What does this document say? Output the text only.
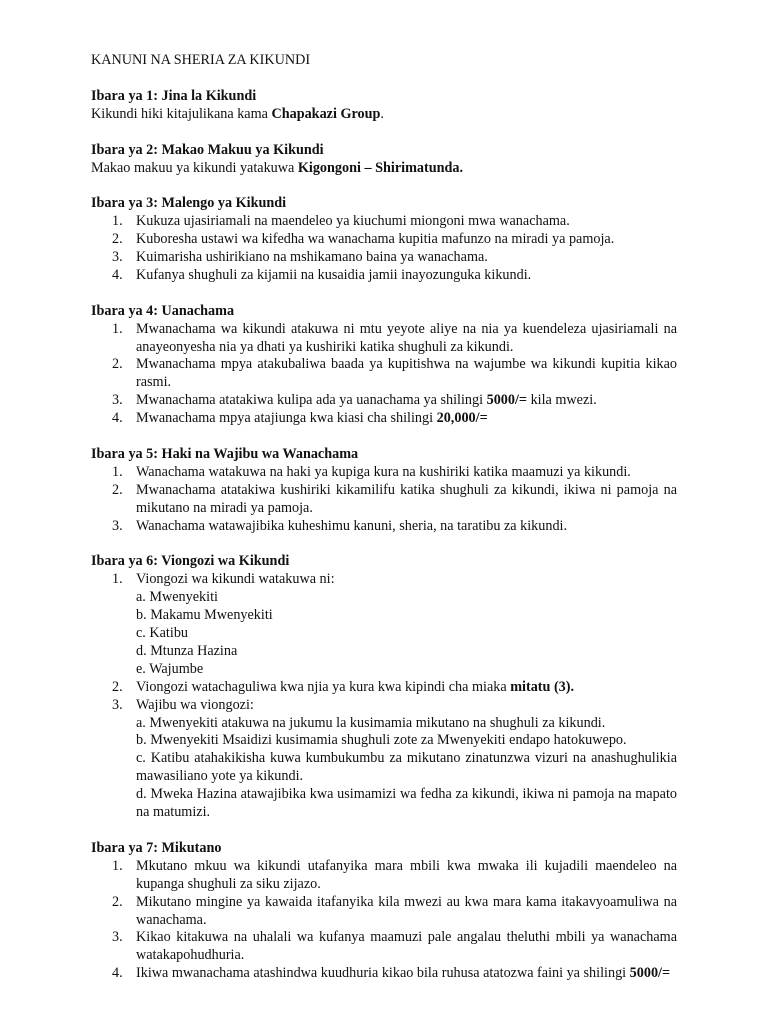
KANUNI NA SHERIA ZA KIKUNDI

Ibara ya 1: Jina la Kikundi

Kikundi hiki kitajulikana kama Chapakazi Group.

Ibara ya 2: Makao Makuu ya Kikundi

Makao makuu ya kikundi yatakuwa Kigongoni – Shirimatunda.

Ibara ya 3: Malengo ya Kikundi

1. Kukuza ujasiriamali na maendeleo ya kiuchumi miongoni mwa wanachama.
2. Kuboresha ustawi wa kifedha wa wanachama kupitia mafunzo na miradi ya pamoja.
3. Kuimarisha ushirikiano na mshikamano baina ya wanachama.
4. Kufanya shughuli za kijamii na kusaidia jamii inayozunguka kikundi.

Ibara ya 4: Uanachama

1. Mwanachama wa kikundi atakuwa ni mtu yeyote aliye na nia ya kuendeleza ujasiriamali na anayeonyesha nia ya dhati ya kushiriki katika shughuli za kikundi.
2. Mwanachama mpya atakubaliwa baada ya kupitishwa na wajumbe wa kikundi kupitia kikao rasmi.
3. Mwanachama atatakiwa kulipa ada ya uanachama ya shilingi 5000/= kila mwezi.
4. Mwanachama mpya atajiunga kwa kiasi cha shilingi 20,000/=

Ibara ya 5: Haki na Wajibu wa Wanachama

1. Wanachama watakuwa na haki ya kupiga kura na kushiriki katika maamuzi ya kikundi.
2. Mwanachama atatakiwa kushiriki kikamilifu katika shughuli za kikundi, ikiwa ni pamoja na mikutano na miradi ya pamoja.
3. Wanachama watawajibika kuheshimu kanuni, sheria, na taratibu za kikundi.

Ibara ya 6: Viongozi wa Kikundi

1. Viongozi wa kikundi watakuwa ni:

a. Mwenyekiti

b. Makamu Mwenyekiti

c. Katibu

d. Mtunza Hazina

e. Wajumbe

2. Viongozi watachaguliwa kwa njia ya kura kwa kipindi cha miaka mitatu (3).
3. Wajibu wa viongozi:

a. Mwenyekiti atakuwa na jukumu la kusimamia mikutano na shughuli za kikundi.

b. Mwenyekiti Msaidizi kusimamia shughuli zote za Mwenyekiti endapo hatokuwepo.

c. Katibu atahakikisha kuwa kumbukumbu za mikutano zinatunzwa vizuri na anashughulikia mawasiliano yote ya kikundi.

d. Mweka Hazina atawajibika kwa usimamizi wa fedha za kikundi, ikiwa ni pamoja na mapato na matumizi.

Ibara ya 7: Mikutano

1. Mkutano mkuu wa kikundi utafanyika mara mbili kwa mwaka ili kujadili maendeleo na kupanga shughuli za siku zijazo.
2. Mikutano mingine ya kawaida itafanyika kila mwezi au kwa mara kama itakavyoamuliwa na wanachama.
3. Kikao kitakuwa na uhalali wa kufanya maamuzi pale angalau theluthi mbili ya wanachama watakapohudhuria.
4. Ikiwa mwanachama atashindwa kuudhuria kikao bila ruhusa atatozwa faini ya shilingi 5000/=
